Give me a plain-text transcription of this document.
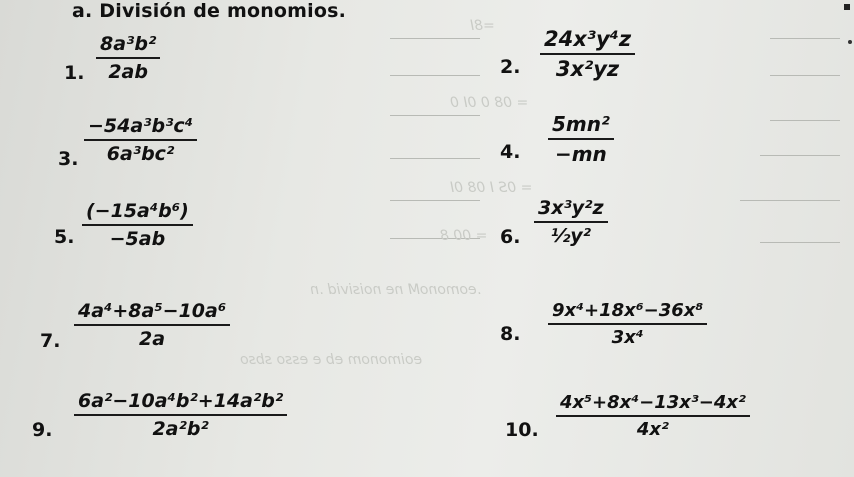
a. División de monomios.
=8I
= 08 0 0I 0
= 0S I 08 0I
= 00 8
.eomonoM ne noisivid .n
eoimonom eb e esso sbso
1.
8a³b²
2ab	2.
24x³y⁴z
3x²yz
3.
−54a³b³c⁴
6a³bc²	4.
5mn²
−mn
5.
(−15a⁴b⁶)
−5ab	6.
3x³y²z
½y²
7.
4a⁴+8a⁵−10a⁶
2a	8.
9x⁴+18x⁶−36x⁸
3x⁴
9.
6a²−10a⁴b²+14a²b²
2a²b²	10.
4x⁵+8x⁴−13x³−4x²
4x²
